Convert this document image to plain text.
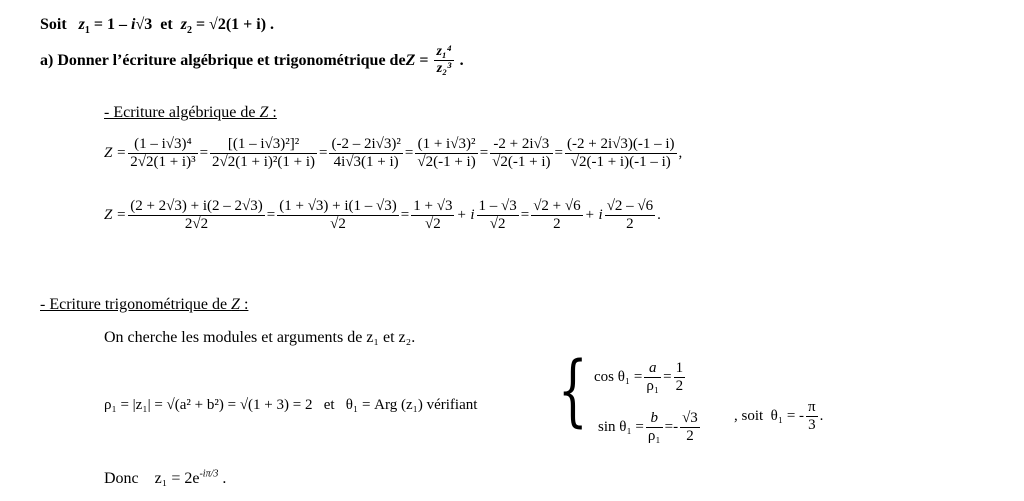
Soit $z_1 = 1 - i√3$ et $z_2 = √2(1 + i)$ .
a) Donner l’écriture algébrique et trigonométrique de $Z = \frac{\text{z₁⁴}}{\text{z₂³}}$ .
- Ecriture algébrique de Z :
$Z = \frac{\text{(1 – i√3)⁴}}{\text{2√2(1 + i)³}} = \frac{\text{[(1 – i√3)²]²}}{\text{2√2(1 + i)²(1 + i)}} = \frac{\text{(-2 – 2i√3)²}}{4i√3(1 + i)} = \frac{\text{(1 + i√3)²}}{√2(-1 + i)} = \frac{-2 + 2i√3}{√2(-1 + i)} = \frac{(-2 + 2i√3)(-1 - i)}{√2(-1 + i)(-1 - i)}$ ,
$Z = \frac{(2 + 2√3) + i(2 - 2√3)}{2√2} = \frac{(1 + √3) + i(1 - √3)}{√2} = \frac{1 + √3}{√2} + i \frac{1 - √3}{√2} = \frac{√2 + √6}{2} + i \frac{√2 - √6}{2}$ .
- Ecriture trigonométrique de Z :
On cherche les modules et arguments de z₁ et z₂.
ρ₁ = |z₁| = √(a² + b²) = √(1 + 3) = 2
et
θ₁ = Arg (z₁) vérifiant { $\cos \theta_1 = \frac{a}{\text{ρ₁}} = \frac{1}{2}$
$\sin \theta_1 = \frac{b}{\text{ρ₁}}$ = - $\frac{√3}{2}$ , soit  θ₁ = - $\frac{\pi}{3}$ .
Donc $z_1 = 2e^{-i\pi/3}$ .
